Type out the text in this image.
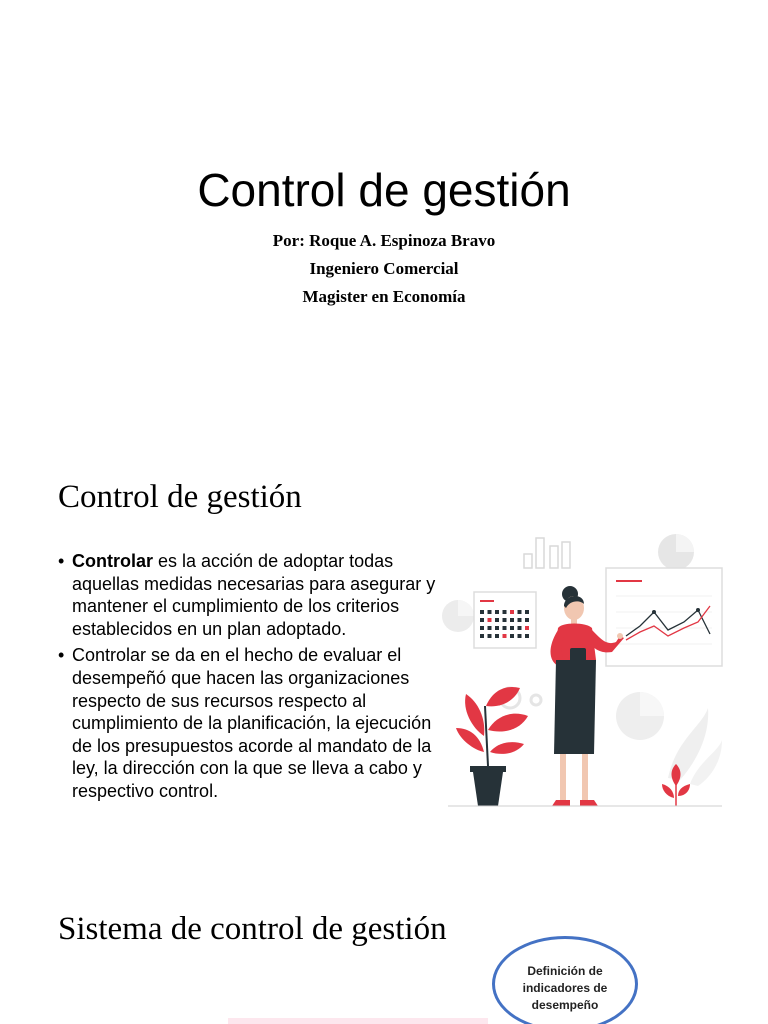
Control de gestión
Por: Roque A. Espinoza Bravo
Ingeniero Comercial
Magister en Economía
Control de gestión
• Controlar es la acción de adoptar todas aquellas medidas necesarias para asegurar y mantener el cumplimiento de los criterios establecidos en un plan adoptado.
• Controlar se da en el hecho de evaluar el desempeñó que hacen las organizaciones respecto de sus recursos respecto al cumplimiento de la planificación, la ejecución de los presupuestos acorde al mandato de la ley, la dirección con la que se lleva a cabo y respectivo control.
Sistema de control de gestión
Definición de
indicadores de
desempeño
